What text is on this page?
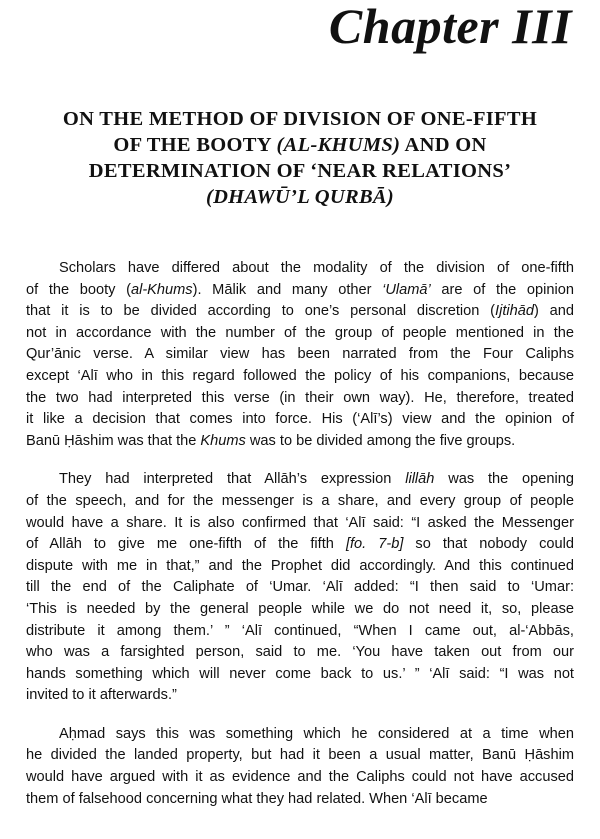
Chapter III
ON THE METHOD OF DIVISION OF ONE-FIFTH
OF THE BOOTY (AL-KHUMS) AND ON
DETERMINATION OF ‘NEAR RELATIONS’
(DHAWŪ’L QURBĀ)

Scholars have differed about the modality of the division of one-fifth
of the booty (al-Khums). Mālik and many other ‘Ulamā’ are of the opinion
that it is to be divided according to one’s personal discretion (Ijtihād) and
not in accordance with the number of the group of people mentioned in the
Qur’ānic verse. A similar view has been narrated from the Four Caliphs
except ‘Alī who in this regard followed the policy of his companions, because
the two had interpreted this verse (in their own way). He, therefore, treated
it like a decision that comes into force. His (‘Alī’s) view and the opinion of
Banū Ḥāshim was that the Khums was to be divided among the five groups.

They had interpreted that Allāh’s expression lillāh was the opening
of the speech, and for the messenger is a share, and every group of people
would have a share. It is also confirmed that ‘Alī said: “I asked the Messenger
of Allāh to give me one-fifth of the fifth [fo. 7-b] so that nobody could
dispute with me in that,” and the Prophet did accordingly. And this continued
till the end of the Caliphate of ‘Umar. ‘Alī added: “I then said to ‘Umar:
‘This is needed by the general people while we do not need it, so, please
distribute it among them.’ ” ‘Alī continued, “When I came out, al-‘Abbās,
who was a farsighted person, said to me. ‘You have taken out from our
hands something which will never come back to us.’ ” ‘Alī said: “I was not
invited to it afterwards.”

Aḥmad says this was something which he considered at a time when
he divided the landed property, but had it been a usual matter, Banū Ḥāshim
would have argued with it as evidence and the Caliphs could not have accused
them of falsehood concerning what they had related. When ‘Alī became
